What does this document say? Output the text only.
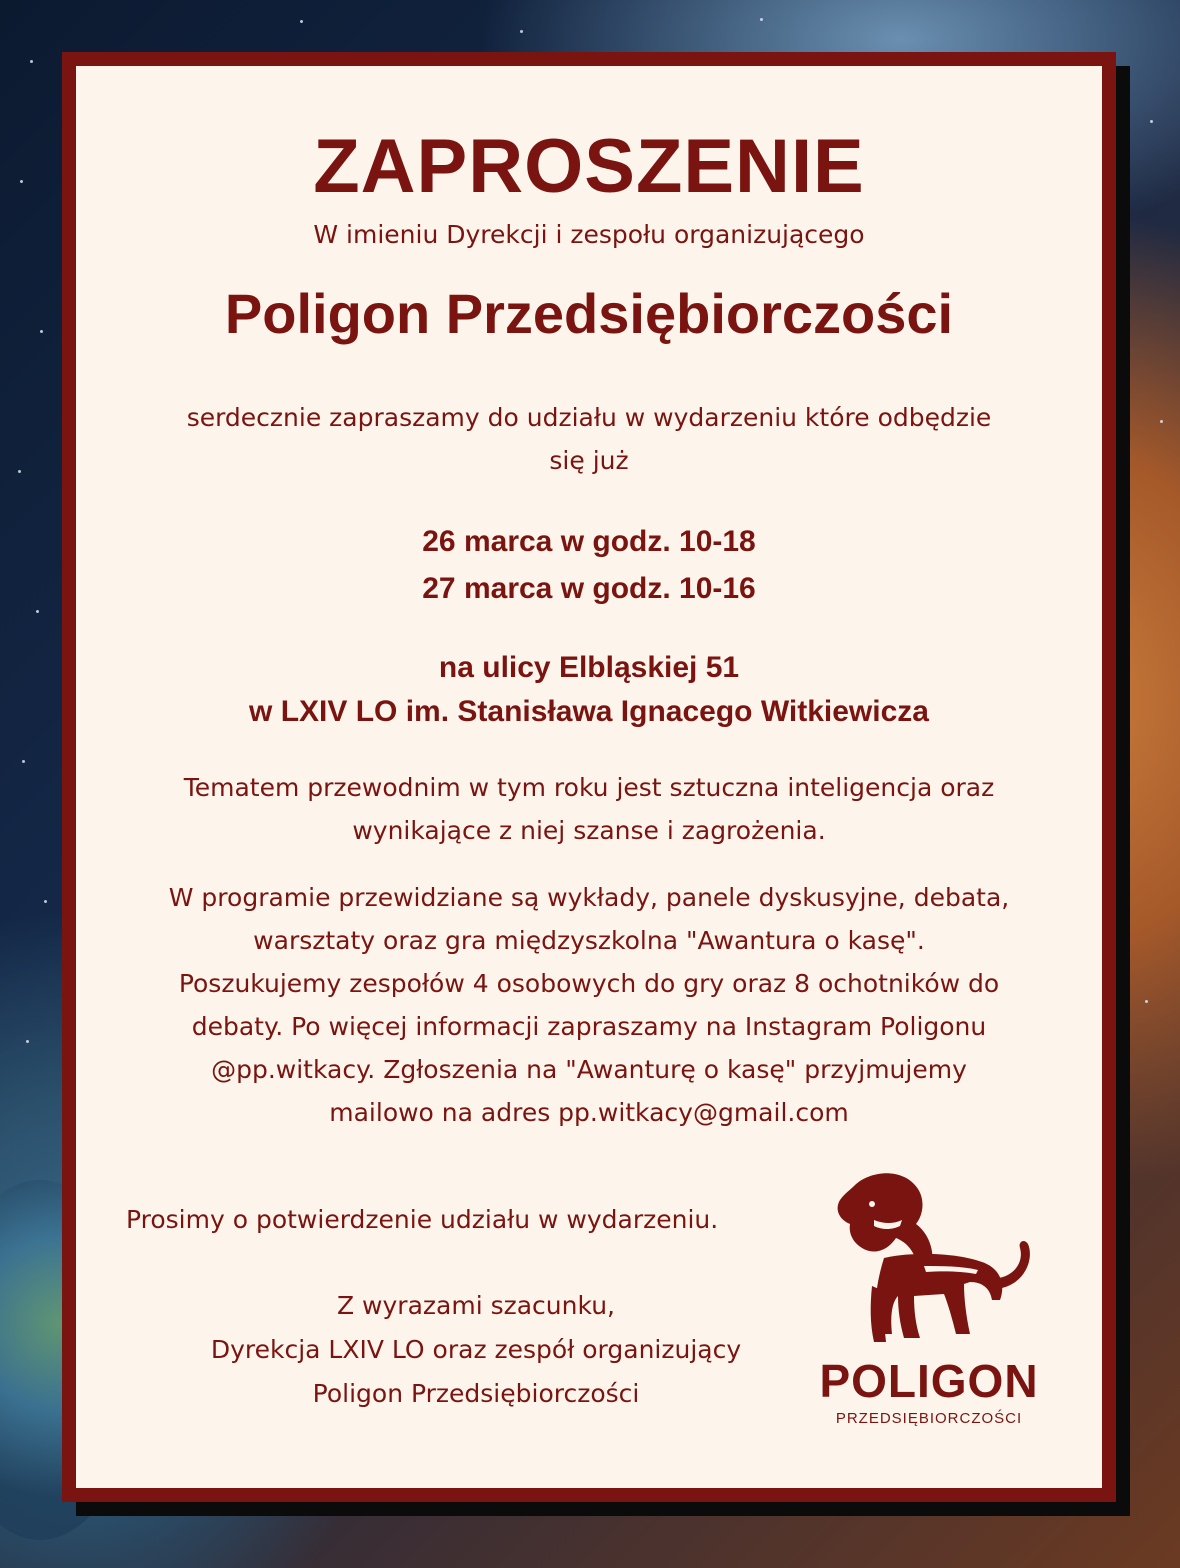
ZAPROSZENIE

W imieniu Dyrekcji i zespołu organizującego

Poligon Przedsiębiorczości
serdecznie zapraszamy do udziału w wydarzeniu które odbędzie
się już
26 marca w godz. 10-18
27 marca w godz. 10-16
na ulicy Elbląskiej 51
w LXIV LO im. Stanisława Ignacego Witkiewicza
Tematem przewodnim w tym roku jest sztuczna inteligencja oraz
wynikające z niej szanse i zagrożenia.
W programie przewidziane są wykłady, panele dyskusyjne, debata,
warsztaty oraz gra międzyszkolna "Awantura o kasę".
Poszukujemy zespołów 4 osobowych do gry oraz 8 ochotników do
debaty. Po więcej informacji zapraszamy na Instagram Poligonu
@pp.witkacy. Zgłoszenia na "Awanturę o kasę" przyjmujemy
mailowo na adres pp.witkacy@gmail.com

Prosimy o potwierdzenie udziału w wydarzeniu.

Z wyrazami szacunku,
Dyrekcja LXIV LO oraz zespół organizujący
Poligon Przedsiębiorczości	POLIGON

PRZEDSIĘBIORCZOŚCI
